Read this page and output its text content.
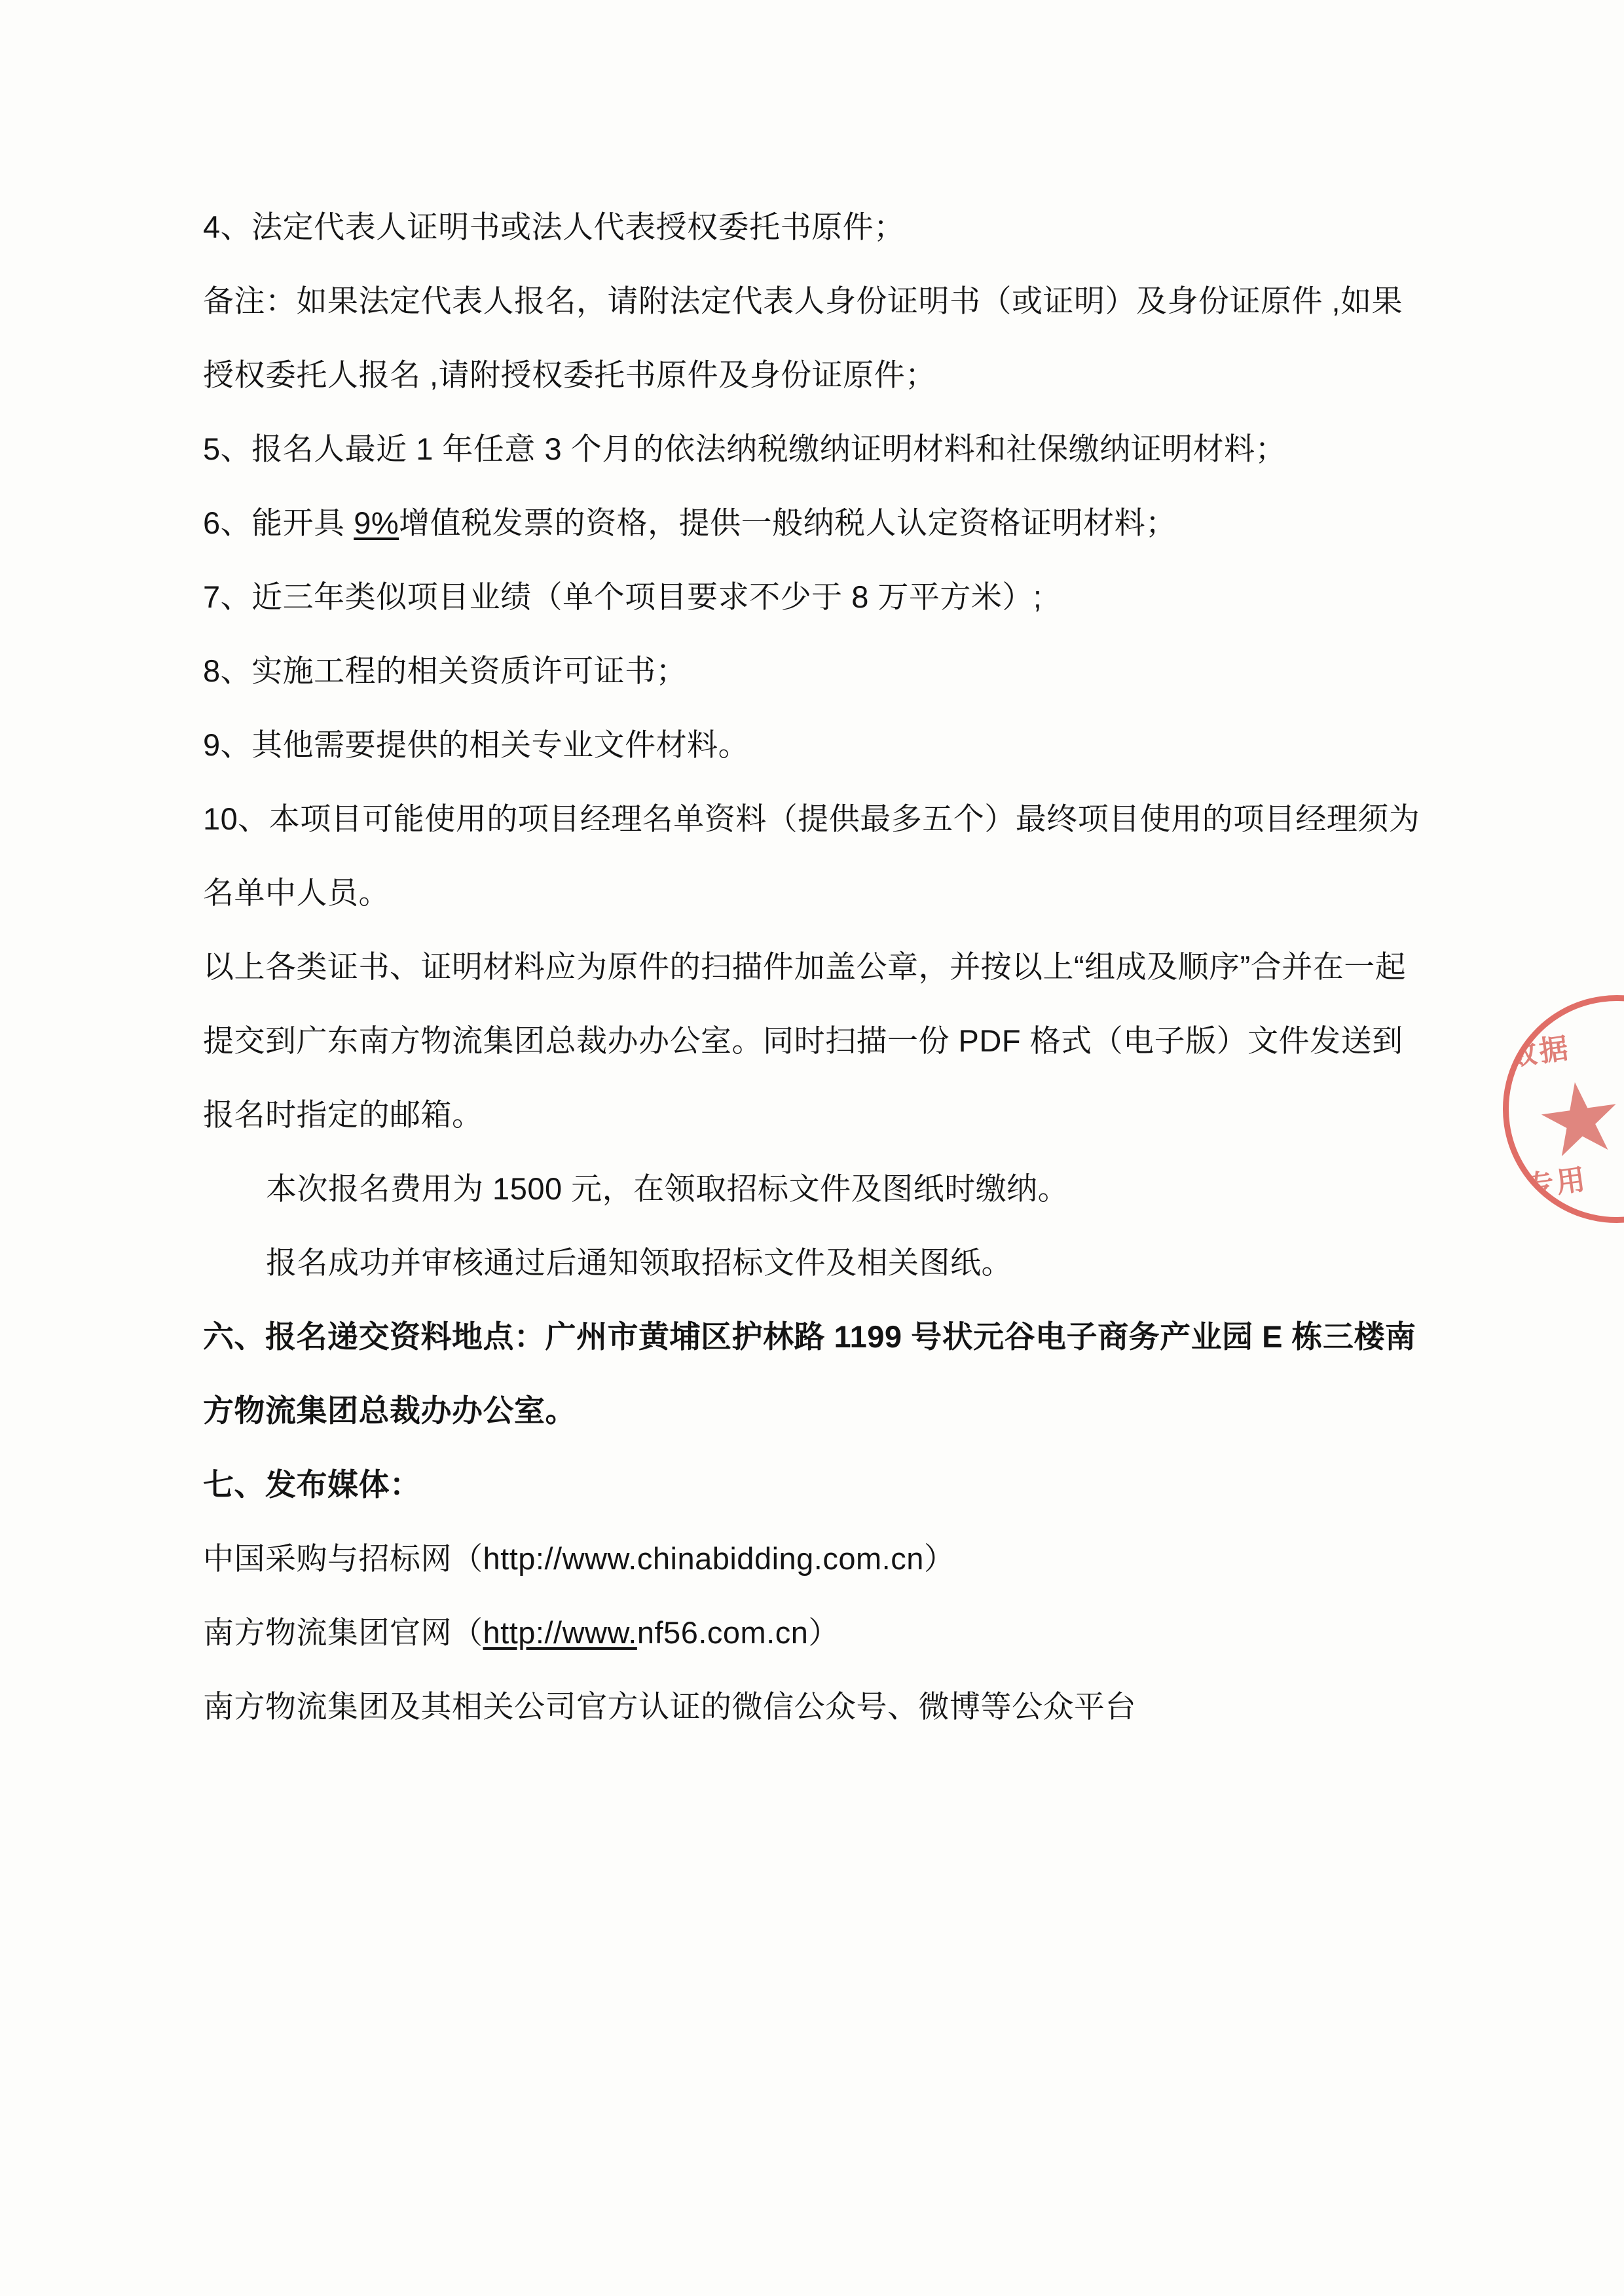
4、法定代表人证明书或法人代表授权委托书原件；

备注：如果法定代表人报名，请附法定代表人身份证明书（或证明）及身份证原件 ,如果授权委托人报名 ,请附授权委托书原件及身份证原件；

5、报名人最近 1 年任意 3 个月的依法纳税缴纳证明材料和社保缴纳证明材料；

6、能开具 9%增值税发票的资格，提供一般纳税人认定资格证明材料；

7、近三年类似项目业绩（单个项目要求不少于 8 万平方米）;

8、实施工程的相关资质许可证书；

9、其他需要提供的相关专业文件材料。

10、本项目可能使用的项目经理名单资料（提供最多五个）最终项目使用的项目经理须为名单中人员。

以上各类证书、证明材料应为原件的扫描件加盖公章，并按以上“组成及顺序”合并在一起提交到广东南方物流集团总裁办办公室。同时扫描一份 PDF 格式（电子版）文件发送到报名时指定的邮箱。

本次报名费用为 1500 元，在领取招标文件及图纸时缴纳。

报名成功并审核通过后通知领取招标文件及相关图纸。

六、报名递交资料地点：广州市黄埔区护林路 1199 号状元谷电子商务产业园 E 栋三楼南方物流集团总裁办办公室。

七、发布媒体：

中国采购与招标网（http://www.chinabidding.com.cn）

南方物流集团官网（http://www.nf56.com.cn）

南方物流集团及其相关公司官方认证的微信公众号、微博等公众平台

数据
专用
